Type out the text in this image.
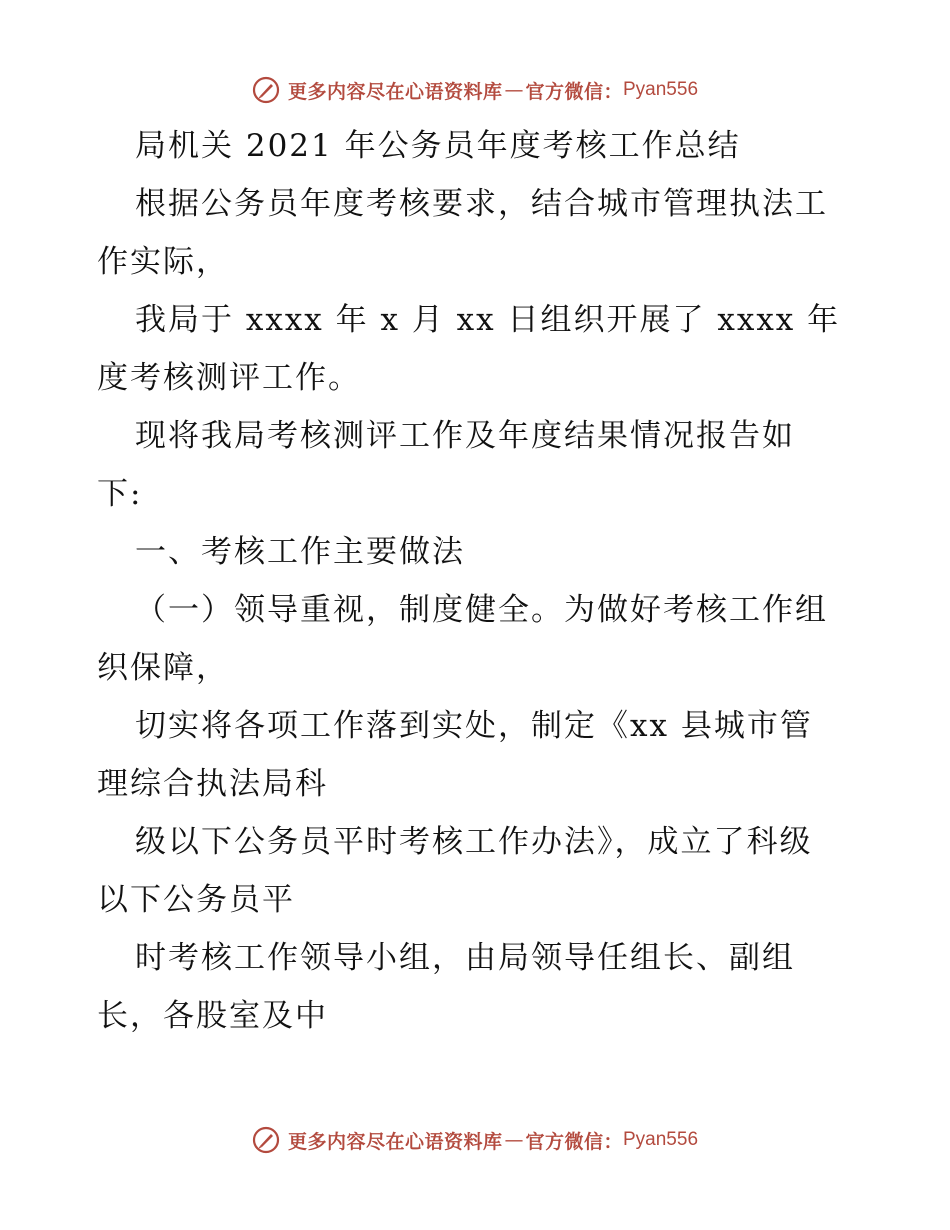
更多内容尽在心语资料库 — 官方微信： Pyan556
局机关 2021 年公务员年度考核工作总结
根据公务员年度考核要求，结合城市管理执法工
作实际，
我局于 xxxx 年 x 月 xx 日组织开展了 xxxx 年
度考核测评工作。
现将我局考核测评工作及年度结果情况报告如
下:
一、考核工作主要做法
（一）领导重视，制度健全。为做好考核工作组
织保障，
切实将各项工作落到实处，制定《xx 县城市管
理综合执法局科
级以下公务员平时考核工作办法》，成立了科级
以下公务员平
时考核工作领导小组，由局领导任组长、副组
长，各股室及中
更多内容尽在心语资料库 — 官方微信： Pyan556
